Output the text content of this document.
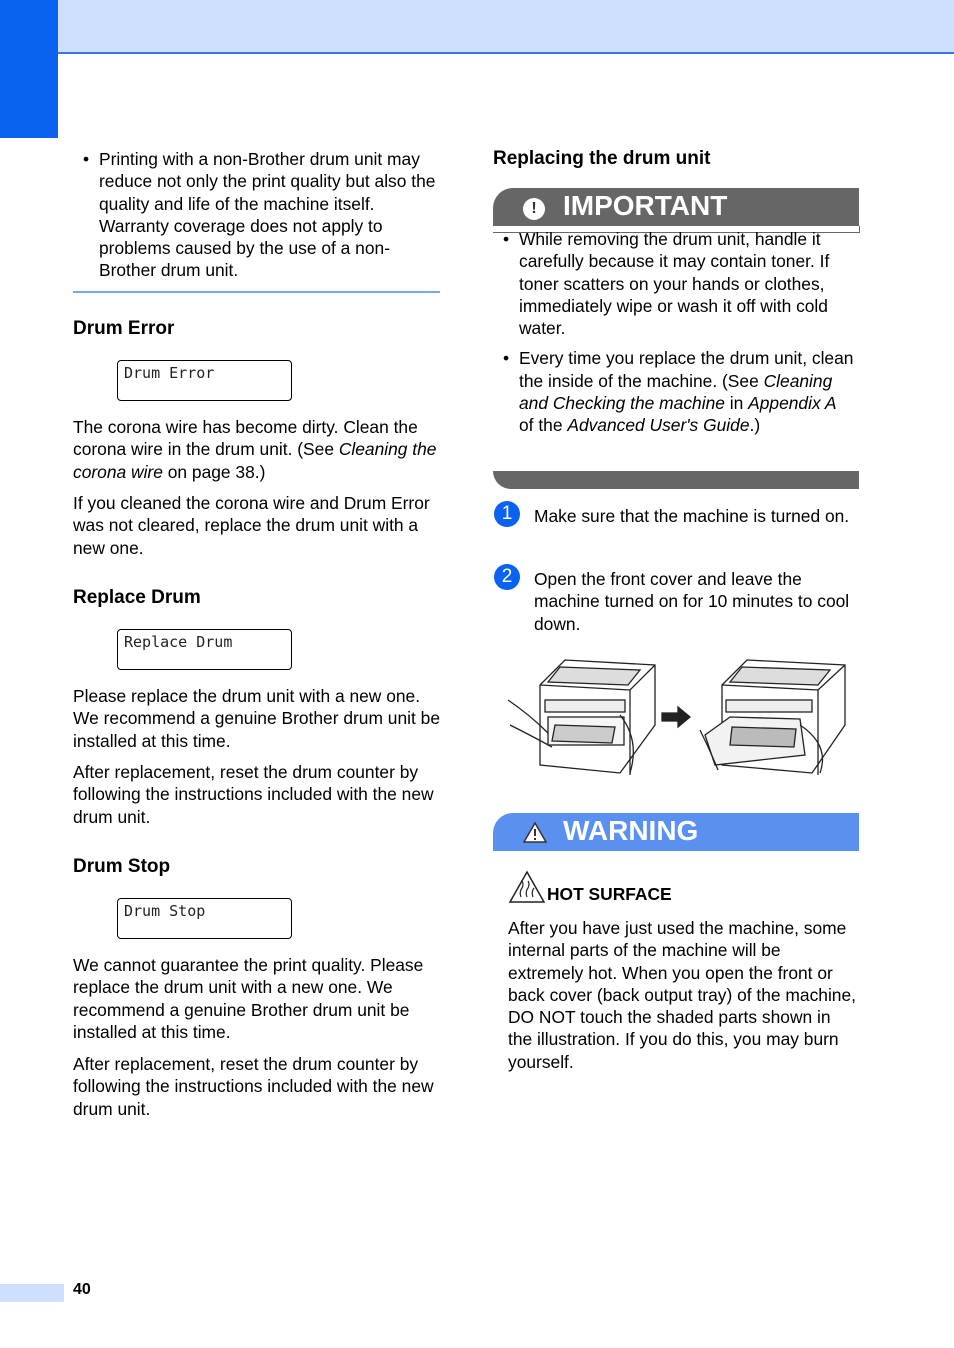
• Printing with a non-Brother drum unit may reduce not only the print quality but also the quality and life of the machine itself. Warranty coverage does not apply to problems caused by the use of a non-Brother drum unit.
Drum Error
Drum Error
The corona wire has become dirty. Clean the corona wire in the drum unit. (See Cleaning the corona wire on page 38.)
If you cleaned the corona wire and Drum Error was not cleared, replace the drum unit with a new one.
Replace Drum
Replace Drum
Please replace the drum unit with a new one. We recommend a genuine Brother drum unit be installed at this time.
After replacement, reset the drum counter by following the instructions included with the new drum unit.
Drum Stop
Drum Stop
We cannot guarantee the print quality. Please replace the drum unit with a new one. We recommend a genuine Brother drum unit be installed at this time.
After replacement, reset the drum counter by following the instructions included with the new drum unit.
Replacing the drum unit
! IMPORTANT
• While removing the drum unit, handle it carefully because it may contain toner. If toner scatters on your hands or clothes, immediately wipe or wash it off with cold water.
• Every time you replace the drum unit, clean the inside of the machine. (See Cleaning and Checking the machine in Appendix A of the Advanced User's Guide.)
1	Make sure that the machine is turned on.
2	Open the front cover and leave the machine turned on for 10 minutes to cool down.
WARNING
HOT SURFACE
After you have just used the machine, some internal parts of the machine will be extremely hot. When you open the front or back cover (back output tray) of the machine, DO NOT touch the shaded parts shown in the illustration. If you do this, you may burn yourself.
40
